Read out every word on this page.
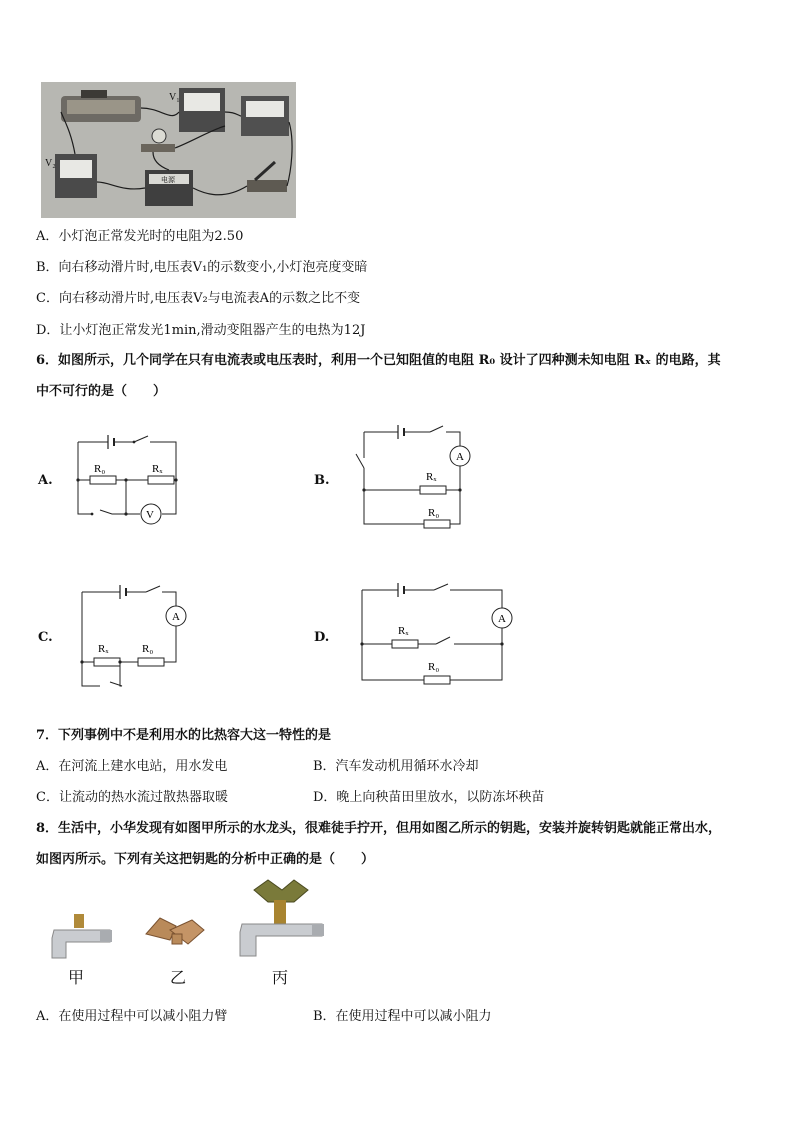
V₁
V₂
电源
A．小灯泡正常发光时的电阻为2.50
B．向右移动滑片时,电压表V₁的示数变小,小灯泡亮度变暗
C．向右移动滑片时,电压表V₂与电流表A的示数之比不变
D．让小灯泡正常发光1min,滑动变阻器产生的电热为12J
6．如图所示，几个同学在只有电流表或电压表时，利用一个已知阻值的电阻 R₀ 设计了四种测未知电阻 Rₓ 的电路，其
中不可行的是（　　）
A.
R₀	Rₓ
V
B.
A
Rₓ
R₀
C.
A
Rₓ	R₀
D.
A
Rₓ
R₀
7．下列事例中不是利用水的比热容大这一特性的是
A．在河流上建水电站，用水发电	B．汽车发动机用循环水冷却
C．让流动的热水流过散热器取暖	D．晚上向秧苗田里放水，以防冻坏秧苗
8．生活中，小华发现有如图甲所示的水龙头，很难徒手拧开，但用如图乙所示的钥匙，安装并旋转钥匙就能正常出水，
如图丙所示。下列有关这把钥匙的分析中正确的是（　　）
甲	乙	丙
A．在使用过程中可以减小阻力臂	B．在使用过程中可以减小阻力
